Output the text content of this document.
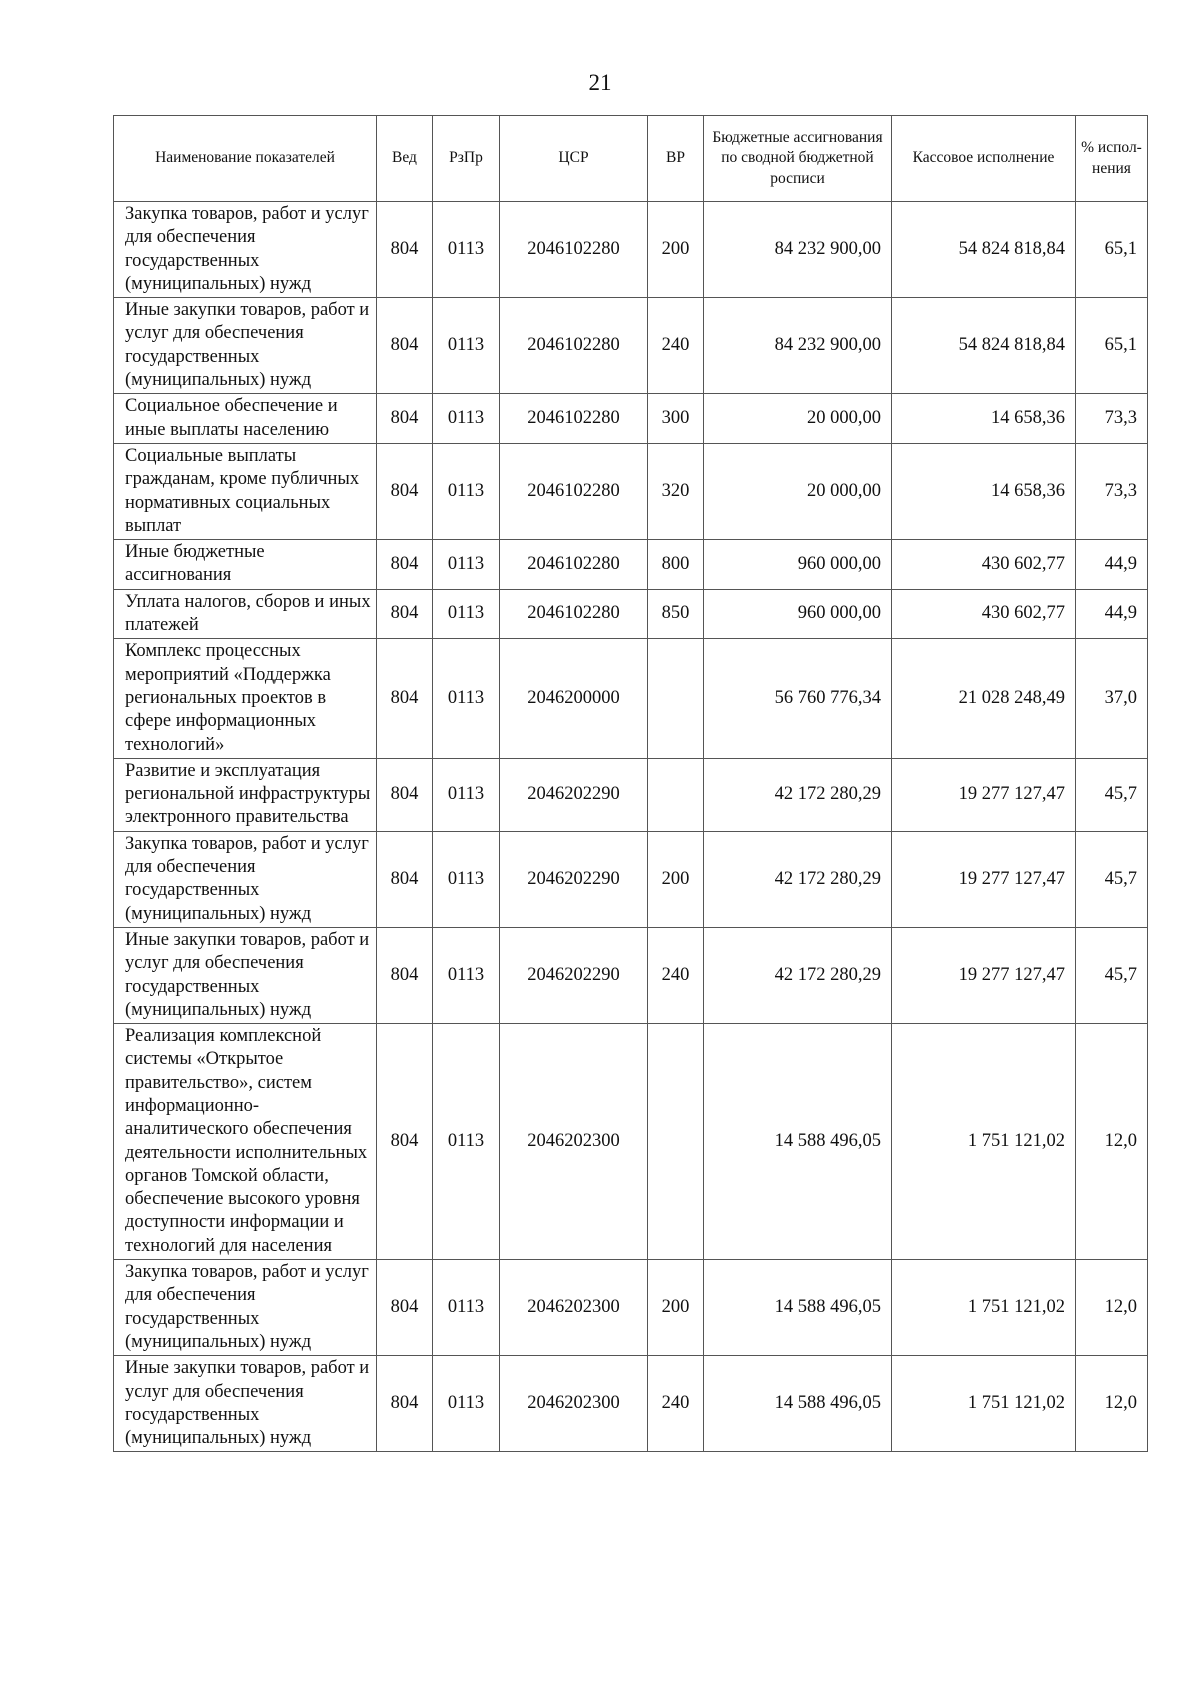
21
Наименование показателей	Вед	РзПр	ЦСР	ВР	Бюджетные ассигнования по сводной бюджетной росписи	Кассовое исполнение	% испол-нения
Закупка товаров, работ и услуг для обеспечения государственных (муниципальных) нужд	804	0113	2046102280	200	84 232 900,00	54 824 818,84	65,1
Иные закупки товаров, работ и услуг для обеспечения государственных (муниципальных) нужд	804	0113	2046102280	240	84 232 900,00	54 824 818,84	65,1
Социальное обеспечение и иные выплаты населению	804	0113	2046102280	300	20 000,00	14 658,36	73,3
Социальные выплаты гражданам, кроме публичных нормативных социальных выплат	804	0113	2046102280	320	20 000,00	14 658,36	73,3
Иные бюджетные ассигнования	804	0113	2046102280	800	960 000,00	430 602,77	44,9
Уплата налогов, сборов и иных платежей	804	0113	2046102280	850	960 000,00	430 602,77	44,9
Комплекс процессных мероприятий «Поддержка региональных проектов в сфере информационных технологий»	804	0113	2046200000		56 760 776,34	21 028 248,49	37,0
Развитие и эксплуатация региональной инфраструктуры электронного правительства	804	0113	2046202290		42 172 280,29	19 277 127,47	45,7
Закупка товаров, работ и услуг для обеспечения государственных (муниципальных) нужд	804	0113	2046202290	200	42 172 280,29	19 277 127,47	45,7
Иные закупки товаров, работ и услуг для обеспечения государственных (муниципальных) нужд	804	0113	2046202290	240	42 172 280,29	19 277 127,47	45,7
Реализация комплексной системы «Открытое правительство», систем информационно-аналитического обеспечения деятельности исполнительных органов Томской области, обеспечение высокого уровня доступности информации и технологий для населения	804	0113	2046202300		14 588 496,05	1 751 121,02	12,0
Закупка товаров, работ и услуг для обеспечения государственных (муниципальных) нужд	804	0113	2046202300	200	14 588 496,05	1 751 121,02	12,0
Иные закупки товаров, работ и услуг для обеспечения государственных (муниципальных) нужд	804	0113	2046202300	240	14 588 496,05	1 751 121,02	12,0
